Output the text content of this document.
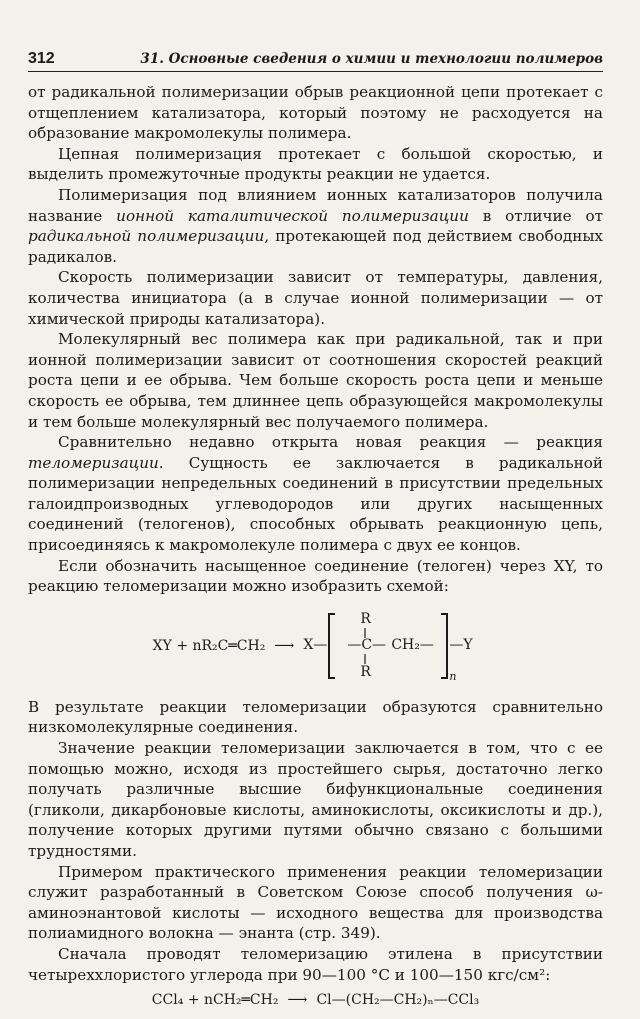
312	31. Основные сведения о химии и технологии полимеров

от радикальной полимеризации обрыв реакционной цепи протекает с отщеплением катализатора, который поэтому не расходуется на образование макромолекулы полимера.

Цепная полимеризация протекает с большой скоростью, и выделить промежуточные продукты реакции не удается.

Полимеризация под влиянием ионных катализаторов получила название ионной каталитической полимеризации в отличие от радикальной полимеризации, протекающей под действием свободных радикалов.

Скорость полимеризации зависит от температуры, давления, количества инициатора (а в случае ионной полимеризации — от химической природы катализатора).

Молекулярный вес полимера как при радикальной, так и при ионной полимеризации зависит от соотношения скоростей реакций роста цепи и ее обрыва. Чем больше скорость роста цепи и меньше скорость ее обрыва, тем длиннее цепь образующейся макромолекулы и тем больше молекулярный вес получаемого полимера.

Сравнительно недавно открыта новая реакция — реакция теломеризации. Сущность ее заключается в радикальной полимеризации непредельных соединений в присутствии предельных галоидпроизводных углеводородов или других насыщенных соединений (телогенов), способных обрывать реакционную цепь, присоединяясь к макромолекуле полимера с двух ее концов.

Если обозначить насыщенное соединение (телоген) через XY, то реакцию теломеризации можно изобразить схемой:

XY + nR₂C═CH₂ ⟶ X—
R
—C— CH₂—
R
—Y
n

В результате реакции теломеризации образуются сравнительно низкомолекулярные соединения.

Значение реакции теломеризации заключается в том, что с ее помощью можно, исходя из простейшего сырья, достаточно легко получать различные высшие бифункциональные соединения (гликоли, дикарбоновые кислоты, аминокислоты, оксикислоты и др.), получение которых другими путями обычно связано с большими трудностями.

Примером практического применения реакции теломеризации служит разработанный в Советском Союзе способ получения ω-аминоэнантовой кислоты — исходного вещества для производства полиамидного волокна — энанта (стр. 349).

Сначала проводят теломеризацию этилена в присутствии четыреххлористого углерода при 90—100 °С и 100—150 кгс/см²:

CCl₄ + nCH₂═CH₂ ⟶ Cl—(CH₂—CH₂)ₙ—CCl₃
